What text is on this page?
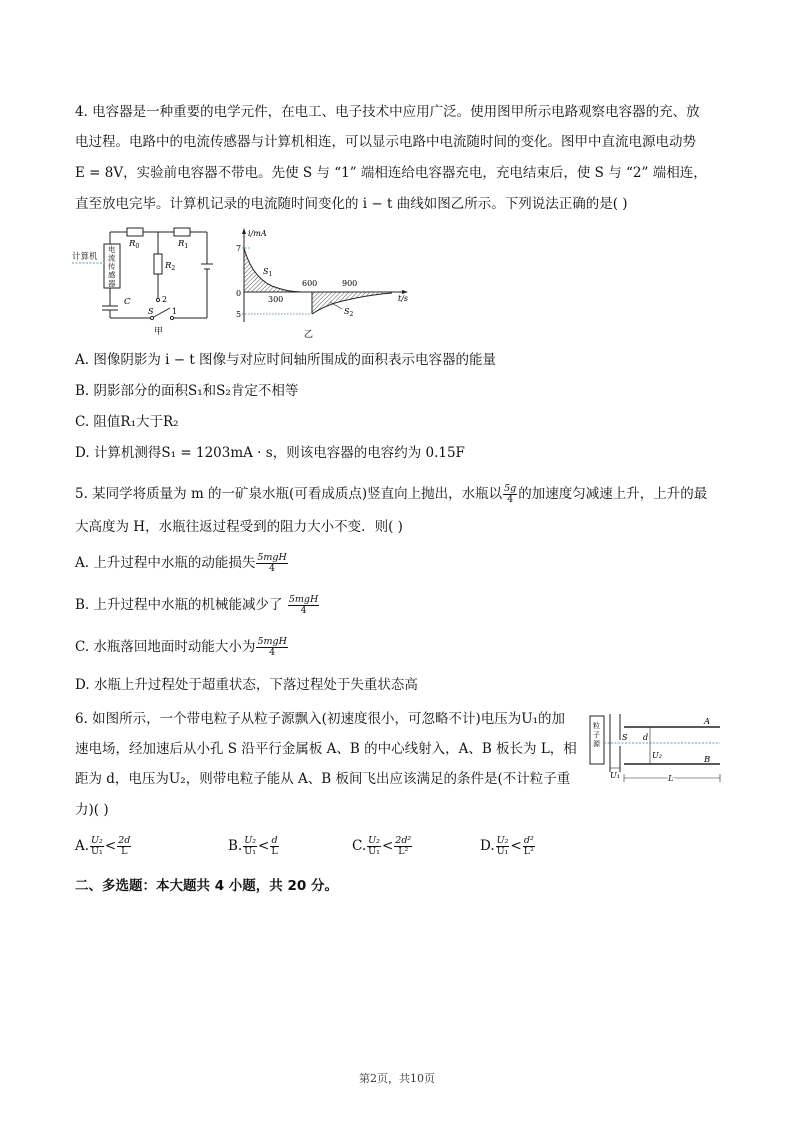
4. 电容器是一种重要的电学元件，在电工、电子技术中应用广泛。使用图甲所示电路观察电容器的充、放
电过程。电路中的电流传感器与计算机相连，可以显示电路中电流随时间的变化。图甲中直流电源电动势
E = 8V，实验前电容器不带电。先使 S 与 “1” 端相连给电容器充电，充电结束后，使 S 与 “2” 端相连，
直至放电完毕。计算机记录的电流随时间变化的 i − t 曲线如图乙所示。下列说法正确的是( )
计算机
电流传感器
$R_0$	$R_1$
$R_2$
C
S
2
1
甲
i/mA
7
5
0
300
600	900
t/s
$S_1$
$S_2$
乙
A. 图像阴影为 i − t 图像与对应时间轴所围成的面积表示电容器的能量
B. 阴影部分的面积S₁和S₂肯定不相等
C. 阻值R₁大于R₂
D. 计算机测得S₁ = 1203mA · s，则该电容器的电容约为 0.15F
5. 某同学将质量为 m 的一矿泉水瓶(可看成质点)竖直向上抛出，水瓶以 $\frac{5g}{4}$ 的加速度匀减速上升，上升的最
大高度为 H，水瓶往返过程受到的阻力大小不变．则( )
A. 上升过程中水瓶的动能损失 $\frac{\text{5mgH}}{4}$
B. 上升过程中水瓶的机械能减少了 $\frac{\text{5mgH}}{4}$
C. 水瓶落回地面时动能大小为 $\frac{\text{5mgH}}{4}$
D. 水瓶上升过程处于超重状态，下落过程处于失重状态高
6. 如图所示，一个带电粒子从粒子源飘入(初速度很小，可忽略不计)电压为U₁的加
速电场，经加速后从小孔 S 沿平行金属板 A、B 的中心线射入，A、B 板长为 L，相
距为 d，电压为U₂，则带电粒子能从 A、B 板间飞出应该满足的条件是(不计粒子重
力)( )
粒子源
S
A
B
d
U₂
U₁	L
A. $\frac{\text{U₂}}{\text{U₁}} < \frac{2d}{L}$	B. $\frac{\text{U₂}}{\text{U₁}} < \frac{d}{L}$	C. $\frac{\text{U₂}}{\text{U₁}} < \frac{\text{2d²}}{\text{L²}}$	D. $\frac{\text{U₂}}{\text{U₁}} < \frac{\text{d²}}{\text{L²}}$
二、多选题：本大题共 4 小题，共 20 分。
第2页，共10页
